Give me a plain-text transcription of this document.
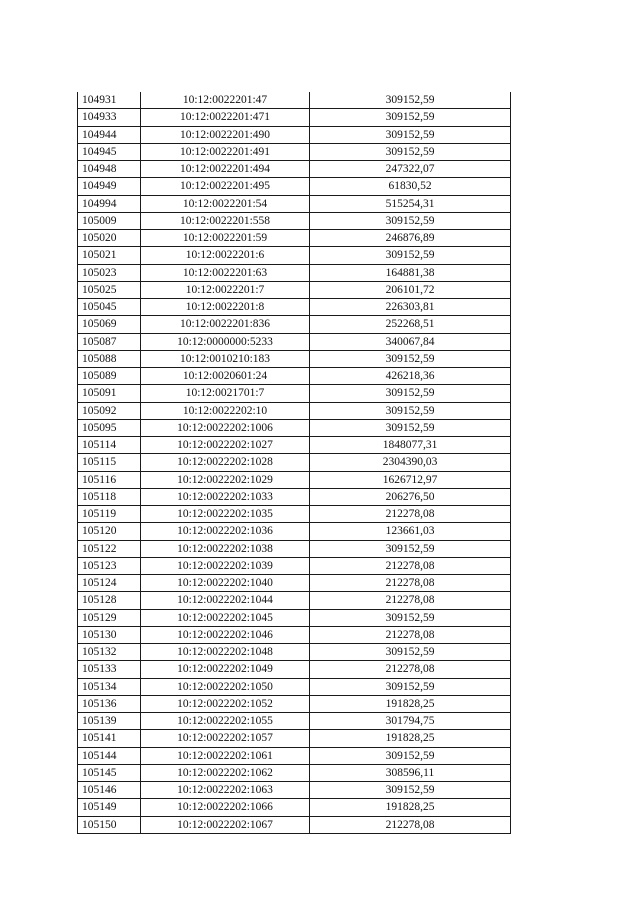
104931	10:12:0022201:47	309152,59
104933	10:12:0022201:471	309152,59
104944	10:12:0022201:490	309152,59
104945	10:12:0022201:491	309152,59
104948	10:12:0022201:494	247322,07
104949	10:12:0022201:495	61830,52
104994	10:12:0022201:54	515254,31
105009	10:12:0022201:558	309152,59
105020	10:12:0022201:59	246876,89
105021	10:12:0022201:6	309152,59
105023	10:12:0022201:63	164881,38
105025	10:12:0022201:7	206101,72
105045	10:12:0022201:8	226303,81
105069	10:12:0022201:836	252268,51
105087	10:12:0000000:5233	340067,84
105088	10:12:0010210:183	309152,59
105089	10:12:0020601:24	426218,36
105091	10:12:0021701:7	309152,59
105092	10:12:0022202:10	309152,59
105095	10:12:0022202:1006	309152,59
105114	10:12:0022202:1027	1848077,31
105115	10:12:0022202:1028	2304390,03
105116	10:12:0022202:1029	1626712,97
105118	10:12:0022202:1033	206276,50
105119	10:12:0022202:1035	212278,08
105120	10:12:0022202:1036	123661,03
105122	10:12:0022202:1038	309152,59
105123	10:12:0022202:1039	212278,08
105124	10:12:0022202:1040	212278,08
105128	10:12:0022202:1044	212278,08
105129	10:12:0022202:1045	309152,59
105130	10:12:0022202:1046	212278,08
105132	10:12:0022202:1048	309152,59
105133	10:12:0022202:1049	212278,08
105134	10:12:0022202:1050	309152,59
105136	10:12:0022202:1052	191828,25
105139	10:12:0022202:1055	301794,75
105141	10:12:0022202:1057	191828,25
105144	10:12:0022202:1061	309152,59
105145	10:12:0022202:1062	308596,11
105146	10:12:0022202:1063	309152,59
105149	10:12:0022202:1066	191828,25
105150	10:12:0022202:1067	212278,08
